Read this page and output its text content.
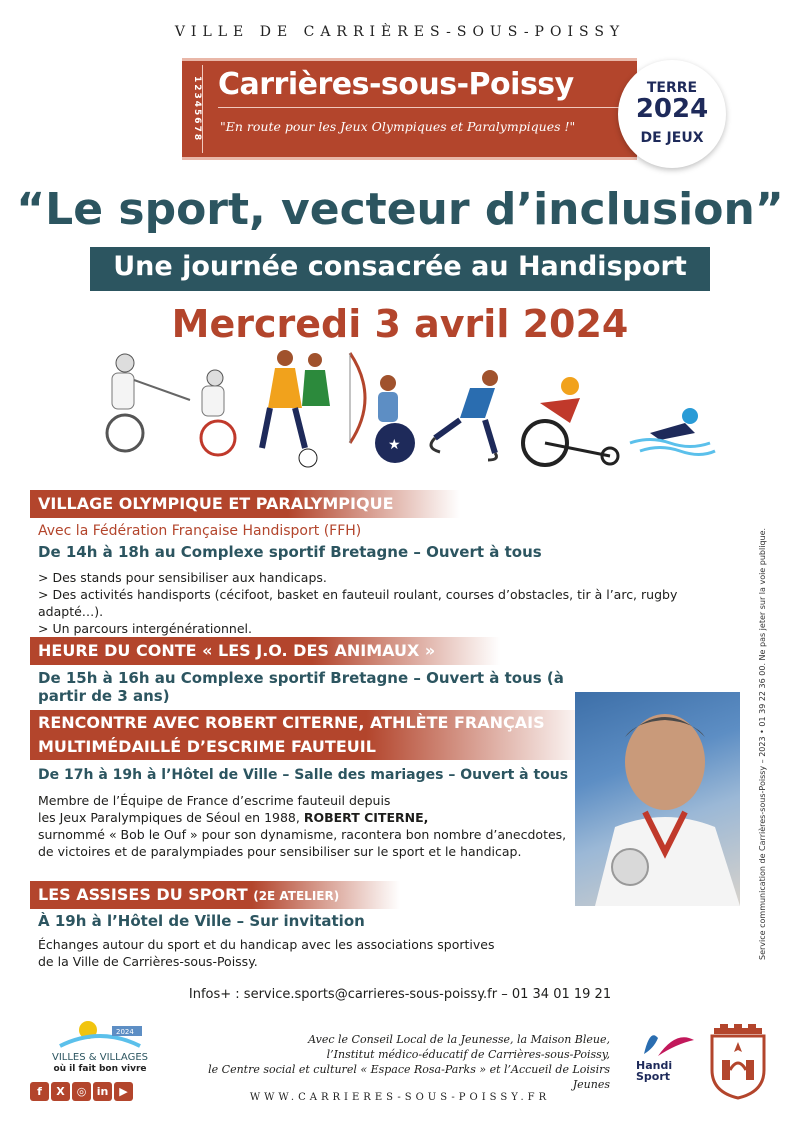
VILLE DE CARRIÈRES-SOUS-POISSY
12345678 Carrières-sous-Poissy
"En route pour les Jeux Olympiques et Paralympiques !"
TERRE
2024
DE JEUX
“Le sport, vecteur d’inclusion”
Une journée consacrée au Handisport
Mercredi 3 avril 2024
★
VILLAGE OLYMPIQUE ET PARALYMPIQUE
Avec la Fédération Française Handisport (FFH)
De 14h à 18h au Complexe sportif Bretagne – Ouvert à tous
> Des stands pour sensibiliser aux handicaps.
> Des activités handisports (cécifoot, basket en fauteuil roulant, courses d’obstacles, tir à l’arc, rugby adapté…).
> Un parcours intergénérationnel.
HEURE DU CONTE « LES J.O. DES ANIMAUX »
De 15h à 16h au Complexe sportif Bretagne – Ouvert à tous (à partir de 3 ans)
RENCONTRE AVEC ROBERT CITERNE, ATHLÈTE FRANÇAIS
MULTIMÉDAILLÉ D’ESCRIME FAUTEUIL
De 17h à 19h à l’Hôtel de Ville – Salle des mariages – Ouvert à tous
Membre de l’Équipe de France d’escrime fauteuil depuis
les Jeux Paralympiques de Séoul en 1988, ROBERT CITERNE,
surnommé « Bob le Ouf » pour son dynamisme, racontera bon nombre d’anecdotes,
de victoires et de paralympiades pour sensibiliser sur le sport et le handicap.
LES ASSISES DU SPORT (2E ATELIER)
À 19h à l’Hôtel de Ville – Sur invitation
Échanges autour du sport et du handicap avec les associations sportives
de la Ville de Carrières-sous-Poissy.
Service communication de Carrières-sous-Poissy – 2023 • 01 39 22 36 00. Ne pas jeter sur la voie publique.
Infos+ : service.sports@carrieres-sous-poissy.fr – 01 34 01 19 21
2024
VILLES & VILLAGES
où il fait bon vivre
f X ◎ in ▶
Avec le Conseil Local de la Jeunesse, la Maison Bleue,
l’Institut médico-éducatif de Carrières-sous-Poissy,
le Centre social et culturel « Espace Rosa-Parks » et l’Accueil de Loisirs Jeunes
Handi
Sport
WWW.CARRIERES-SOUS-POISSY.FR
